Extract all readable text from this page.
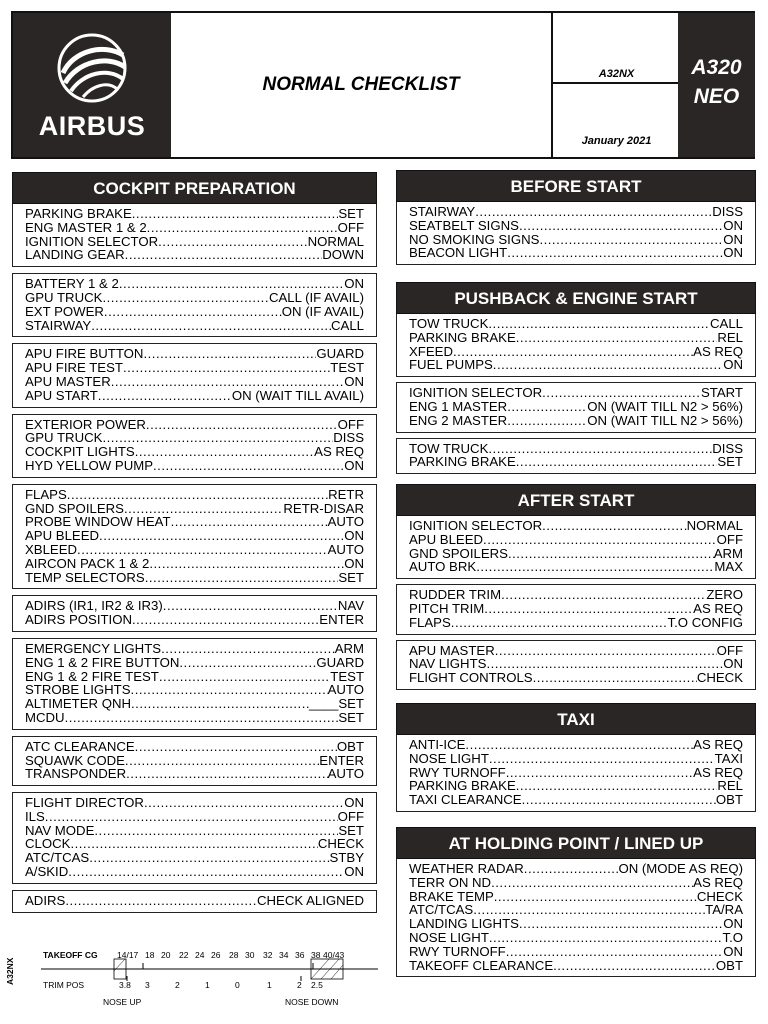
AIRBUS
NORMAL CHECKLIST	A32NX
January 2021
A320
NEO
COCKPIT PREPARATION
PARKING BRAKE .....	SET
ENG MASTER 1 & 2 .....	OFF
IGNITION SELECTOR .....	NORMAL
LANDING GEAR .....	DOWN
BATTERY 1 & 2 .....	ON
GPU TRUCK .....	CALL (IF AVAIL)
EXT POWER .....	ON (IF AVAIL)
STAIRWAY .....	CALL
APU FIRE BUTTON .....	GUARD
APU FIRE TEST .....	TEST
APU MASTER .....	ON
APU START .....	ON (WAIT TILL AVAIL)
EXTERIOR POWER .....	OFF
GPU TRUCK .....	DISS
COCKPIT LIGHTS .....	AS REQ
HYD YELLOW PUMP .....	ON
FLAPS .....	RETR
GND SPOILERS .....	RETR-DISAR
PROBE WINDOW HEAT .....	AUTO
APU BLEED .....	ON
XBLEED .....	AUTO
AIRCON PACK 1 & 2 .....	ON
TEMP SELECTORS .....	SET
ADIRS (IR1, IR2 & IR3) .....	NAV
ADIRS POSITION .....	ENTER
EMERGENCY LIGHTS .....	ARM
ENG 1 & 2 FIRE BUTTON .....	GUARD
ENG 1 & 2 FIRE TEST .....	TEST
STROBE LIGHTS .....	AUTO
ALTIMETER QNH .....	____SET
MCDU .....	SET
ATC CLEARANCE .....	OBT
SQUAWK CODE .....	ENTER
TRANSPONDER .....	AUTO
FLIGHT DIRECTOR .....	ON
ILS .....	OFF
NAV MODE .....	SET
CLOCK .....	CHECK
ATC/TCAS .....	STBY
A/SKID .....	ON
ADIRS .....	CHECK ALIGNED
BEFORE START
STAIRWAY .....	DISS
SEATBELT SIGNS .....	ON
NO SMOKING SIGNS .....	ON
BEACON LIGHT .....	ON
PUSHBACK & ENGINE START
TOW TRUCK .....	CALL
PARKING BRAKE .....	REL
XFEED .....	AS REQ
FUEL PUMPS .....	ON
IGNITION SELECTOR .....	START
ENG 1 MASTER .....	ON (WAIT TILL N2 > 56%)
ENG 2 MASTER .....	ON (WAIT TILL N2 > 56%)
TOW TRUCK .....	DISS
PARKING BRAKE .....	SET
AFTER START
IGNITION SELECTOR .....	NORMAL
APU BLEED .....	OFF
GND SPOILERS .....	ARM
AUTO BRK .....	MAX
RUDDER TRIM .....	ZERO
PITCH TRIM .....	AS REQ
FLAPS .....	T.O CONFIG
APU MASTER .....	OFF
NAV LIGHTS .....	ON
FLIGHT CONTROLS .....	CHECK
TAXI
ANTI-ICE .....	AS REQ
NOSE LIGHT .....	TAXI
RWY TURNOFF .....	AS REQ
PARKING BRAKE .....	REL
TAXI CLEARANCE .....	OBT
AT HOLDING POINT / LINED UP
WEATHER RADAR .....	ON (MODE AS REQ)
TERR ON ND .....	AS REQ
BRAKE TEMP .....	CHECK
ATC/TCAS .....	TA/RA
LANDING LIGHTS .....	ON
NOSE LIGHT .....	T.O
RWY TURNOFF .....	ON
TAKEOFF CLEARANCE .....	OBT
A32NX
TAKEOFF CG
TRIM POS
NOSE UP	NOSE DOWN
14/17 18 20 22 24 26 28 30 32 34 36 38 40/43
3.8 3	2	1	0	1	2 2.5
